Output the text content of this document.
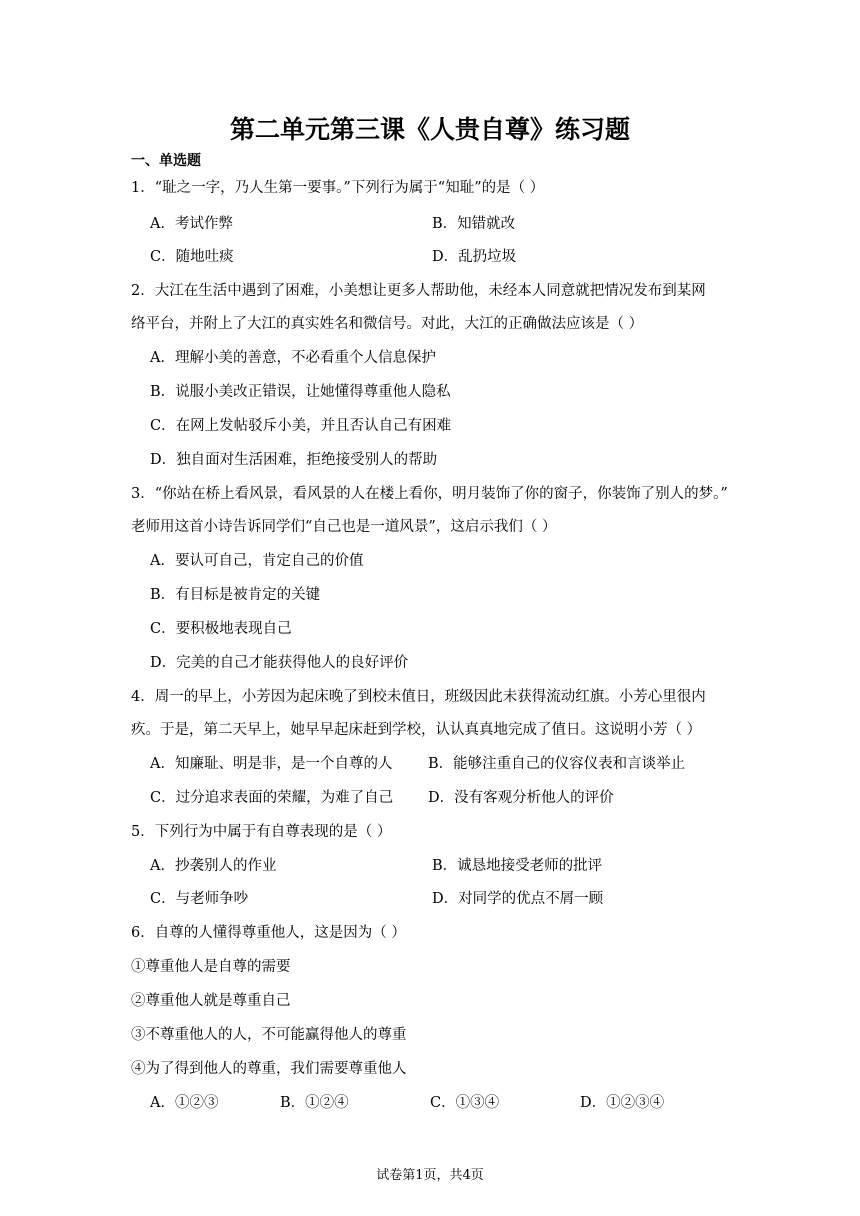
第二单元第三课《人贵自尊》练习题
一、单选题
1．“耻之一字，乃人生第一要事。”下列行为属于“知耻”的是（ ）
A．考试作弊	B．知错就改
C．随地吐痰	D．乱扔垃圾
2．大江在生活中遇到了困难，小美想让更多人帮助他，未经本人同意就把情况发布到某网
络平台，并附上了大江的真实姓名和微信号。对此，大江的正确做法应该是（ ）
A．理解小美的善意，不必看重个人信息保护
B．说服小美改正错误，让她懂得尊重他人隐私
C．在网上发帖驳斥小美，并且否认自己有困难
D．独自面对生活困难，拒绝接受别人的帮助
3．“你站在桥上看风景，看风景的人在楼上看你，明月装饰了你的窗子，你装饰了别人的梦。”
老师用这首小诗告诉同学们“自己也是一道风景”，这启示我们（ ）
A．要认可自己，肯定自己的价值
B．有目标是被肯定的关键
C．要积极地表现自己
D．完美的自己才能获得他人的良好评价
4．周一的早上，小芳因为起床晚了到校未值日，班级因此未获得流动红旗。小芳心里很内
疚。于是，第二天早上，她早早起床赶到学校，认认真真地完成了值日。这说明小芳（ ）
A．知廉耻、明是非，是一个自尊的人 B．能够注重自己的仪容仪表和言谈举止
C．过分追求表面的荣耀，为难了自己 D．没有客观分析他人的评价
5．下列行为中属于有自尊表现的是（ ）
A．抄袭别人的作业	B．诚恳地接受老师的批评
C．与老师争吵	D．对同学的优点不屑一顾
6．自尊的人懂得尊重他人，这是因为（ ）
①尊重他人是自尊的需要
②尊重他人就是尊重自己
③不尊重他人的人，不可能赢得他人的尊重
④为了得到他人的尊重，我们需要尊重他人
A．①②③	B．①②④	C．①③④	D．①②③④
试卷第1页，共4页
